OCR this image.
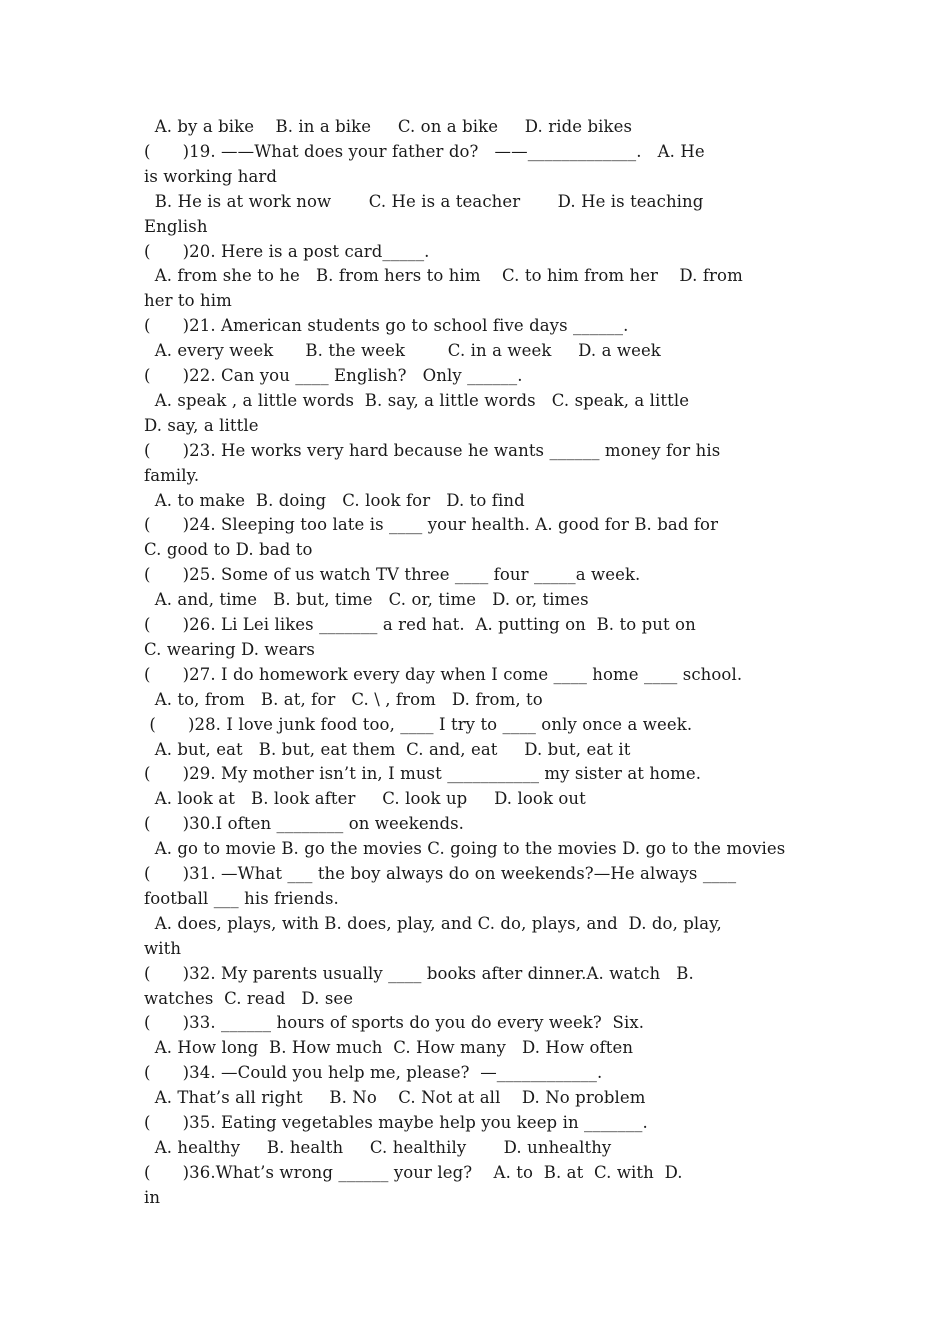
A. by a bike    B. in a bike     C. on a bike     D. ride bikes
(      )19. ——What does your father do?   ——_____________.   A. He
is working hard
B. He is at work now       C. He is a teacher       D. He is teaching
English
(      )20. Here is a post card_____.
A. from she to he   B. from hers to him    C. to him from her    D. from
her to him
(      )21. American students go to school five days ______.
A. every week      B. the week        C. in a week     D. a week
(      )22. Can you ____ English?   Only ______.
A. speak , a little words  B. say, a little words   C. speak, a little
D. say, a little
(      )23. He works very hard because he wants ______ money for his
family.
A. to make  B. doing   C. look for   D. to find
(      )24. Sleeping too late is ____ your health. A. good for B. bad for
C. good to D. bad to
(      )25. Some of us watch TV three ____ four _____a week.
A. and, time   B. but, time   C. or, time   D. or, times
(      )26. Li Lei likes _______ a red hat.  A. putting on  B. to put on
C. wearing D. wears
(      )27. I do homework every day when I come ____ home ____ school.
A. to, from   B. at, for   C. \ , from   D. from, to
(      )28. I love junk food too, ____ I try to ____ only once a week.
A. but, eat   B. but, eat them  C. and, eat     D. but, eat it
(      )29. My mother isn’t in, I must ___________ my sister at home.
A. look at   B. look after     C. look up     D. look out
(      )30.I often ________ on weekends.
A. go to movie B. go the movies C. going to the movies D. go to the movies
(      )31. —What ___ the boy always do on weekends?—He always ____
football ___ his friends.
A. does, plays, with B. does, play, and C. do, plays, and  D. do, play,
with
(      )32. My parents usually ____ books after dinner.A. watch   B.
watches  C. read   D. see
(      )33. ______ hours of sports do you do every week?  Six.
A. How long  B. How much  C. How many   D. How often
(      )34. —Could you help me, please?  —____________.
A. That’s all right     B. No    C. Not at all    D. No problem
(      )35. Eating vegetables maybe help you keep in _______.
A. healthy     B. health     C. healthily       D. unhealthy
(      )36.What’s wrong ______ your leg?    A. to  B. at  C. with  D.
in
